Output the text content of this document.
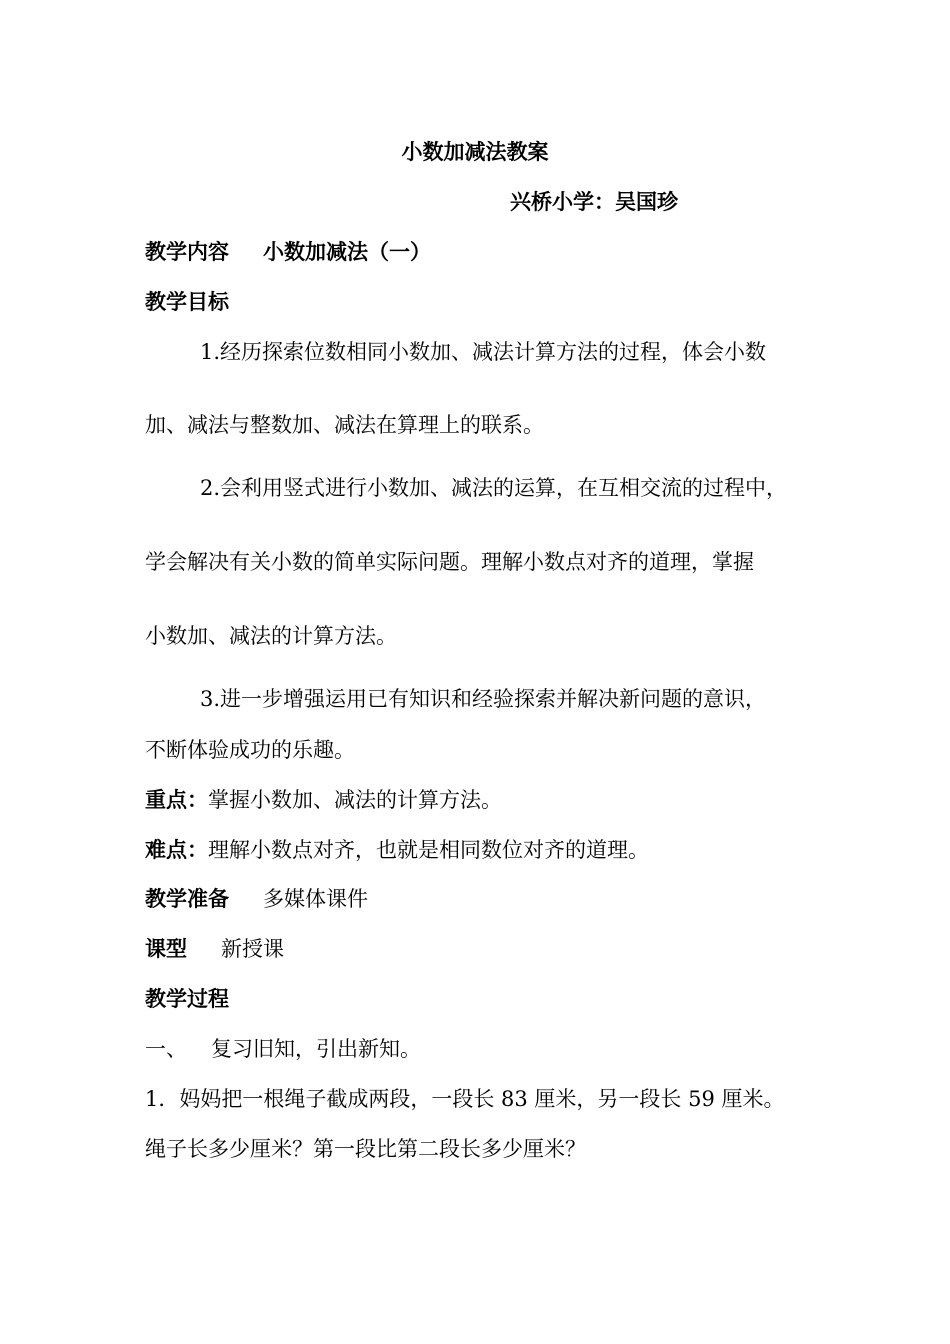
小数加减法教案
兴桥小学：吴国珍
教学内容 小数加减法（一）
教学目标
1.经历探索位数相同小数加、减法计算方法的过程，体会小数
加、减法与整数加、减法在算理上的联系。
2.会利用竖式进行小数加、减法的运算，在互相交流的过程中，
学会解决有关小数的简单实际问题。理解小数点对齐的道理，掌握
小数加、减法的计算方法。
3.进一步增强运用已有知识和经验探索并解决新问题的意识，
不断体验成功的乐趣。
重点：掌握小数加、减法的计算方法。
难点：理解小数点对齐，也就是相同数位对齐的道理。
教学准备 多媒体课件
课型 新授课
教学过程
一、 复习旧知，引出新知。
1．妈妈把一根绳子截成两段，一段长 83 厘米，另一段长 59 厘米。
绳子长多少厘米？第一段比第二段长多少厘米？
